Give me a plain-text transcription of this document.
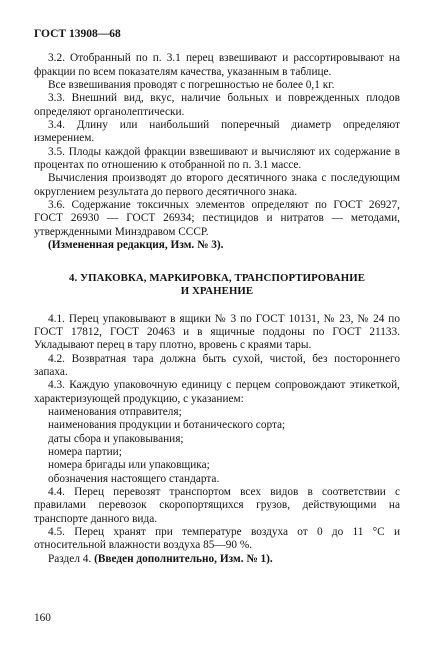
ГОСТ 13908—68

3.2. Отобранный по п. 3.1 перец взвешивают и рассортировывают на фракции по всем показателям качества, указанным в таблице.

Все взвешивания проводят с погрешностью не более 0,1 кг.

3.3. Внешний вид, вкус, наличие больных и поврежденных плодов определяют органолептически.

3.4. Длину или наибольший поперечный диаметр определяют измерением.

3.5. Плоды каждой фракции взвешивают и вычисляют их содержание в процентах по отношению к отобранной по п. 3.1 массе.

Вычисления производят до второго десятичного знака с последующим округлением результата до первого десятичного знака.

3.6. Содержание токсичных элементов определяют по ГОСТ 26927, ГОСТ 26930 — ГОСТ 26934; пестицидов и нитратов — методами, утвержденными Минздравом СССР.

(Измененная редакция, Изм. № 3).

4. УПАКОВКА, МАРКИРОВКА, ТРАНСПОРТИРОВАНИЕ
И ХРАНЕНИЕ

4.1. Перец упаковывают в ящики № 3 по ГОСТ 10131, № 23, № 24 по ГОСТ 17812, ГОСТ 20463 и в ящичные поддоны по ГОСТ 21133. Укладывают перец в тару плотно, вровень с краями тары.

4.2. Возвратная тара должна быть сухой, чистой, без постороннего запаха.

4.3. Каждую упаковочную единицу с перцем сопровождают этикеткой, характеризующей продукцию, с указанием:

наименования отправителя;

наименования продукции и ботанического сорта;

даты сбора и упаковывания;

номера партии;

номера бригады или упаковщика;

обозначения настоящего стандарта.

4.4. Перец перевозят транспортом всех видов в соответствии с правилами перевозок скоропортящихся грузов, действующими на транспорте данного вида.

4.5. Перец хранят при температуре воздуха от 0 до 11 °С и относительной влажности воздуха 85—90 %.

Раздел 4. (Введен дополнительно, Изм. № 1).

160
